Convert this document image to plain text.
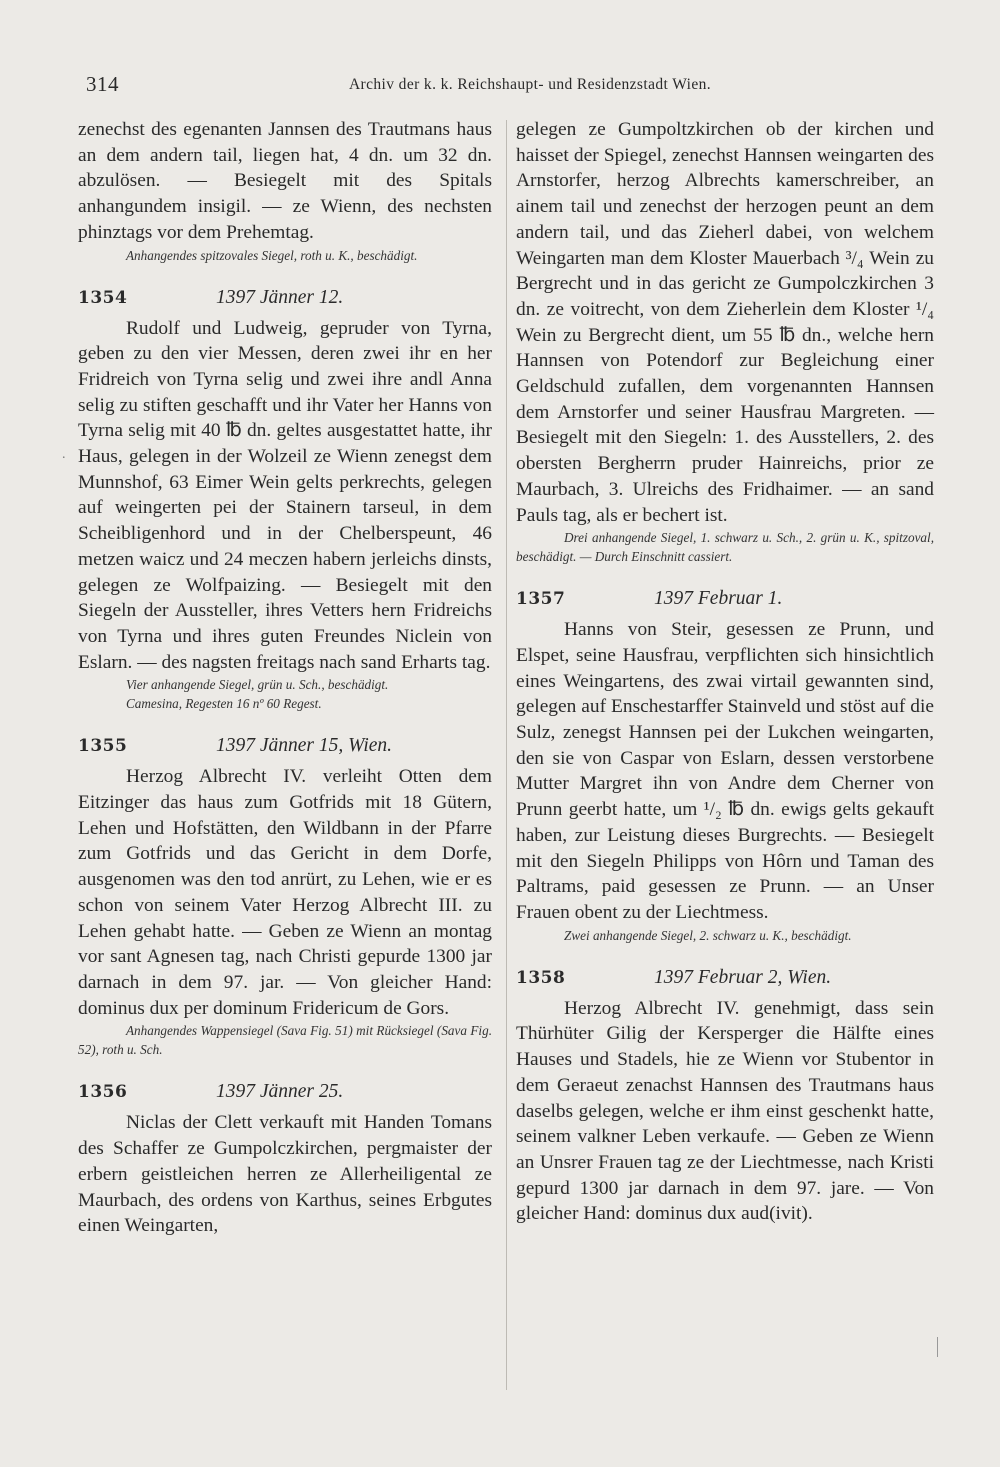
314	Archiv der k. k. Reichshaupt- und Residenzstadt Wien.
.

zenechst des egenanten Jannsen des Trautmans haus an dem andern tail, liegen hat, 4 dn. um 32 dn. abzulösen. — Besiegelt mit des Spitals anhangundem insigil. — ze Wienn, des nechsten phinztags vor dem Prehemtag.

Anhangendes spitzovales Siegel, roth u. K., beschädigt.

1354	1397 Jänner 12.

Rudolf und Ludweig, gepruder von Tyrna, geben zu den vier Messen, deren zwei ihr en her Fridreich von Tyrna selig und zwei ihre andl Anna selig zu stiften geschafft und ihr Vater her Hanns von Tyrna selig mit 40 ℔ dn. geltes ausgestattet hatte, ihr Haus, gelegen in der Wolzeil ze Wienn zenegst dem Munnshof, 63 Eimer Wein gelts perkrechts, gelegen auf weingerten pei der Stainern tarseul, in dem Scheibligenhord und in der Chelberspeunt, 46 metzen waicz und 24 meczen habern jerleichs dinsts, gelegen ze Wolfpaizing. — Besiegelt mit den Siegeln der Aussteller, ihres Vetters hern Fridreichs von Tyrna und ihres guten Freundes Niclein von Eslarn. — des nagsten freitags nach sand Erharts tag.

Vier anhangende Siegel, grün u. Sch., beschädigt.

Camesina, Regesten 16 nº 60 Regest.

1355	1397 Jänner 15, Wien.

Herzog Albrecht IV. verleiht Otten dem Eitzinger das haus zum Gotfrids mit 18 Gütern, Lehen und Hofstätten, den Wildbann in der Pfarre zum Gotfrids und das Gericht in dem Dorfe, ausgenomen was den tod anrürt, zu Lehen, wie er es schon von seinem Vater Herzog Albrecht III. zu Lehen gehabt hatte. — Geben ze Wienn an montag vor sant Agnesen tag, nach Christi gepurde 1300 jar darnach in dem 97. jar. — Von gleicher Hand: dominus dux per dominum Fridericum de Gors.

Anhangendes Wappensiegel (Sava Fig. 51) mit Rücksiegel (Sava Fig. 52), roth u. Sch.

1356	1397 Jänner 25.

Niclas der Clett verkauft mit Handen Tomans des Schaffer ze Gumpolczkirchen, pergmaister der erbern geistleichen herren ze Allerheiligental ze Maurbach, des ordens von Karthus, seines Erbgutes einen Weingarten,

gelegen ze Gumpoltzkirchen ob der kirchen und haisset der Spiegel, zenechst Hannsen weingarten des Arnstorfer, herzog Albrechts kamerschreiber, an ainem tail und zenechst der herzogen peunt an dem andern tail, und das Zieherl dabei, von welchem Weingarten man dem Kloster Mauerbach ³/₄ Wein zu Bergrecht und in das gericht ze Gumpolczkirchen 3 dn. ze voitrecht, von dem Zieherlein dem Kloster ¹/₄ Wein zu Bergrecht dient, um 55 ℔ dn., welche hern Hannsen von Potendorf zur Begleichung einer Geldschuld zufallen, dem vorgenannten Hannsen dem Arnstorfer und seiner Hausfrau Margreten. — Besiegelt mit den Siegeln: 1. des Ausstellers, 2. des obersten Bergherrn pruder Hainreichs, prior ze Maurbach, 3. Ulreichs des Fridhaimer. — an sand Pauls tag, als er bechert ist.

Drei anhangende Siegel, 1. schwarz u. Sch., 2. grün u. K., spitzoval, beschädigt. — Durch Einschnitt cassiert.

1357	1397 Februar 1.

Hanns von Steir, gesessen ze Prunn, und Elspet, seine Hausfrau, verpflichten sich hinsichtlich eines Weingartens, des zwai virtail gewannten sind, gelegen auf Enschestarffer Stainveld und stöst auf die Sulz, zenegst Hannsen pei der Lukchen weingarten, den sie von Caspar von Eslarn, dessen verstorbene Mutter Margret ihn von Andre dem Cherner von Prunn geerbt hatte, um ¹/₂ ℔ dn. ewigs gelts gekauft haben, zur Leistung dieses Burgrechts. — Besiegelt mit den Siegeln Philipps von Hôrn und Taman des Paltrams, paid gesessen ze Prunn. — an Unser Frauen obent zu der Liechtmess.

Zwei anhangende Siegel, 2. schwarz u. K., beschädigt.

1358	1397 Februar 2, Wien.

Herzog Albrecht IV. genehmigt, dass sein Thürhüter Gilig der Kersperger die Hälfte eines Hauses und Stadels, hie ze Wienn vor Stubentor in dem Geraeut zenachst Hannsen des Trautmans haus daselbs gelegen, welche er ihm einst geschenkt hatte, seinem valkner Leben verkaufe. — Geben ze Wienn an Unsrer Frauen tag ze der Liechtmesse, nach Kristi gepurd 1300 jar darnach in dem 97. jare. — Von gleicher Hand: dominus dux aud(ivit).
